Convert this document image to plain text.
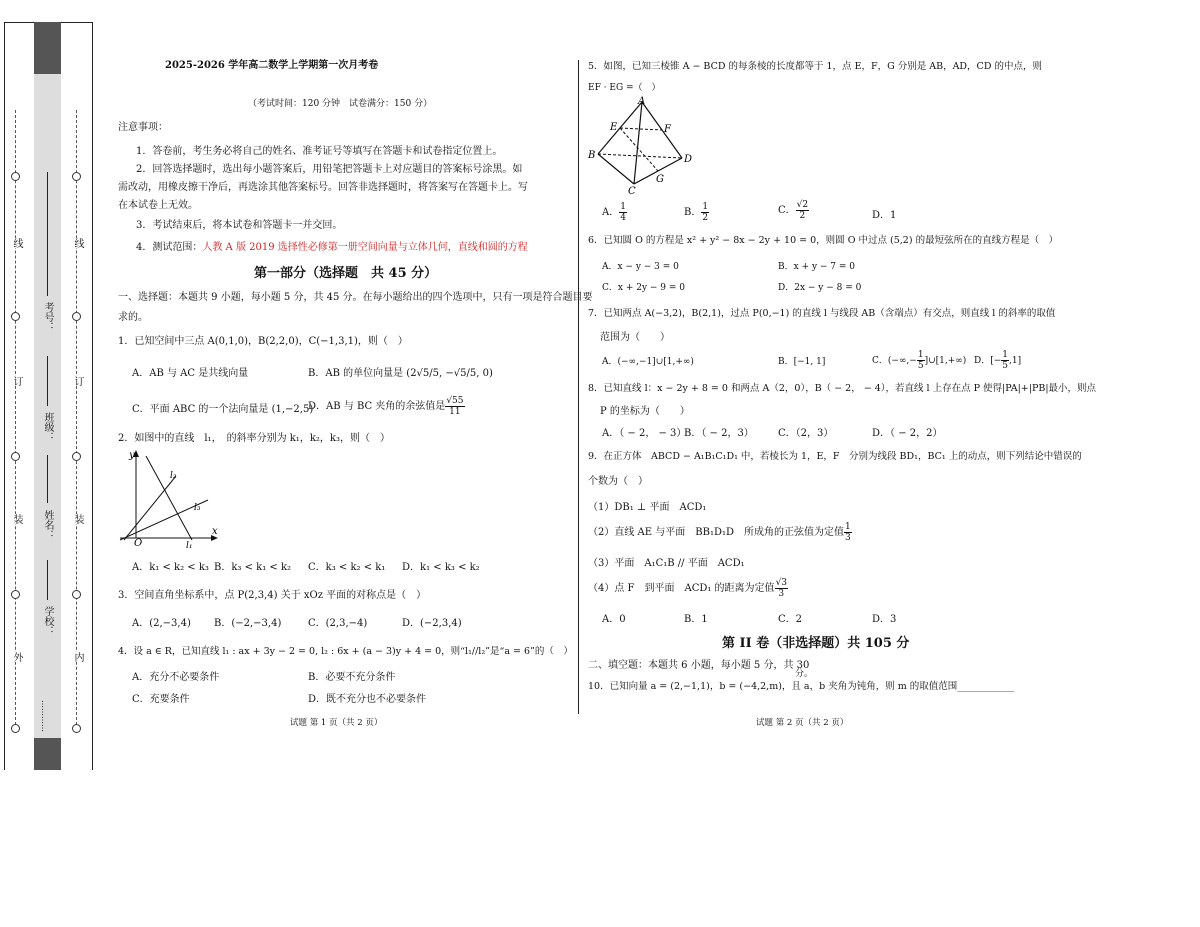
线
订
装
外
线
订
装
内
学校：
姓名：
班级：
考号：
…………
2025-2026 学年高二数学上学期第一次月考卷
（考试时间：120 分钟　试卷满分：150 分）
注意事项：
1．答卷前，考生务必将自己的姓名、准考证号等填写在答题卡和试卷指定位置上。
2．回答选择题时，选出每小题答案后，用铅笔把答题卡上对应题目的答案标号涂黑。如
需改动，用橡皮擦干净后，再选涂其他答案标号。回答非选择题时，将答案写在答题卡上。写
在本试卷上无效。
3．考试结束后，将本试卷和答题卡一并交回。
4．测试范围：人教 A 版 2019 选择性必修第一册空间向量与立体几何，直线和圆的方程
第一部分（选择题　共 45 分）
一、选择题：本题共 9 小题，每小题 5 分，共 45 分。在每小题给出的四个选项中，只有一项是符合题目要
求的。
1．已知空间中三点 A(0,1,0)，B(2,2,0)，C(−1,3,1)，则（　）
A．AB 与 AC 是共线向量	B．AB 的单位向量是 (2√5/5, −√5/5, 0)
C．平面 ABC 的一个法向量是 (1,−2,5)
D．AB 与 BC 夹角的余弦值是 $\frac{√55}{11}$
2．如图中的直线　l₁，　的斜率分别为 k₁，k₂，k₃，则（　）
y
x
O	l₁
l₂
l₃
A．k₁ < k₂ < k₃ B．k₃ < k₁ < k₂ C．k₃ < k₂ < k₁ D．k₁ < k₃ < k₂
3．空间直角坐标系中，点 P(2,3,4) 关于 xOz 平面的对称点是（　）
A．(2,−3,4) B．(−2,−3,4)	C．(2,3,−4)	D．(−2,3,4)
4．设 a ∈ R，已知直线 l₁ : ax + 3y − 2 = 0, l₂ : 6x + (a − 3)y + 4 = 0，则“l₁//l₂”是“a = 6”的（　）
A．充分不必要条件	B．必要不充分条件
C．充要条件	D．既不充分也不必要条件
试题 第 1 页（共 2 页）
5．如图，已知三棱锥 A − BCD 的每条棱的长度都等于 1，点 E，F，G 分别是 AB，AD，CD 的中点，则
EF · EG =（　）
A
B
C
D
E	F
G
A． $\frac{1}{4}$	B． $\frac{1}{2}$	C． $\frac{√2}{2}$	D．1
6．已知圆 O 的方程是 x² + y² − 8x − 2y + 10 = 0，则圆 O 中过点 (5,2) 的最短弦所在的直线方程是（　）
A．x − y − 3 = 0	B．x + y − 7 = 0
C．x + 2y − 9 = 0	D．2x − y − 8 = 0
7．已知两点 A(−3,2)，B(2,1)，过点 P(0,−1) 的直线 l 与线段 AB（含端点）有交点，则直线 l 的斜率的取值
范围为（　　）
A．(−∞,−1]∪[1,+∞)	B．[−1, 1]	C．(−∞,− $\frac{1}{5}$ ]∪[1,+∞) D．[− $\frac{1}{5} ,1$]
8．已知直线 l：x − 2y + 8 = 0 和两点 A（2，0），B（ − 2， − 4），若直线 l 上存在点 P 使得|PA|+|PB|最小，则点
P 的坐标为（　　）
A．（ − 2， − 3）
B．（ − 2，3） C．（2，3）	D．（ − 2，2）
9．在正方体　ABCD − A₁B₁C₁D₁ 中，若棱长为 1，E，F　分别为线段 BD₁，BC₁ 上的动点，则下列结论中错误的
个数为（　）
（1）DB₁ ⊥ 平面　ACD₁
（2）直线 AE 与平面　BB₁D₁D　所成角的正弦值为定值 $\frac{1}{3}$
（3）平面　A₁C₁B // 平面　ACD₁
（4）点 F　到平面　ACD₁ 的距离为定值 $\frac{√3}{3}$
A．0	B．1	C．2	D．3
第 II 卷（非选择题）共 105 分
二、填空题：本题共 6 小题，每小题 5 分，共 30
分。
10．已知向量 a = (2,−1,1)，b = (−4,2,m)，且 a，b 夹角为钝角，则 m 的取值范围____________
试题 第 2 页（共 2 页）
